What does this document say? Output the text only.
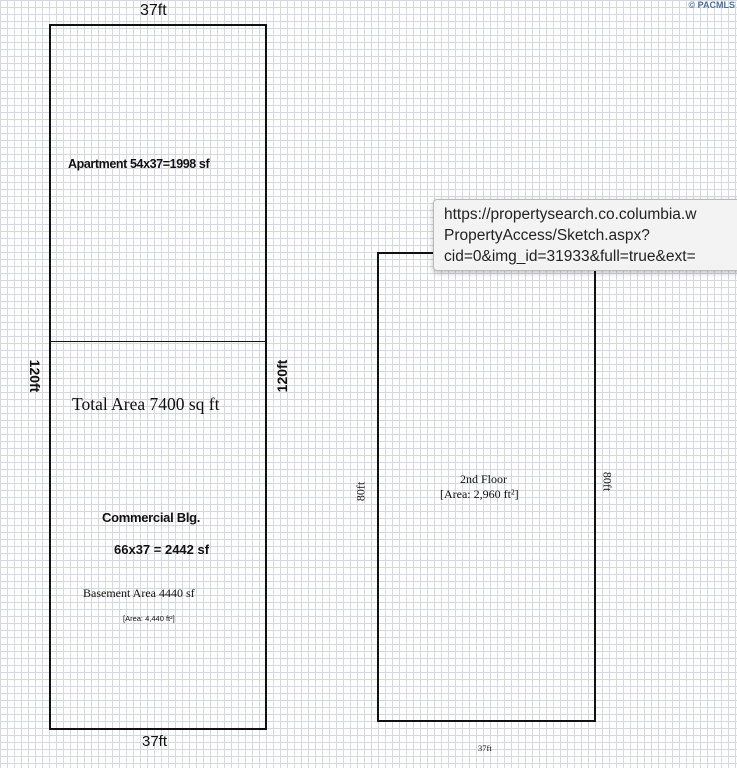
© PACMLS
37ft
37ft
120ft	120ft
Apartment 54x37=1998 sf
Total Area 7400 sq ft
Commercial Blg.
66x37 = 2442 sf
Basement Area 4440 sf
[Area: 4,440 ft²]
80ft
80ft
2nd Floor
[Area: 2,960 ft²]
37ft
https://propertysearch.co.columbia.w
PropertyAccess/Sketch.aspx?
cid=0&img_id=31933&full=true&ext=
